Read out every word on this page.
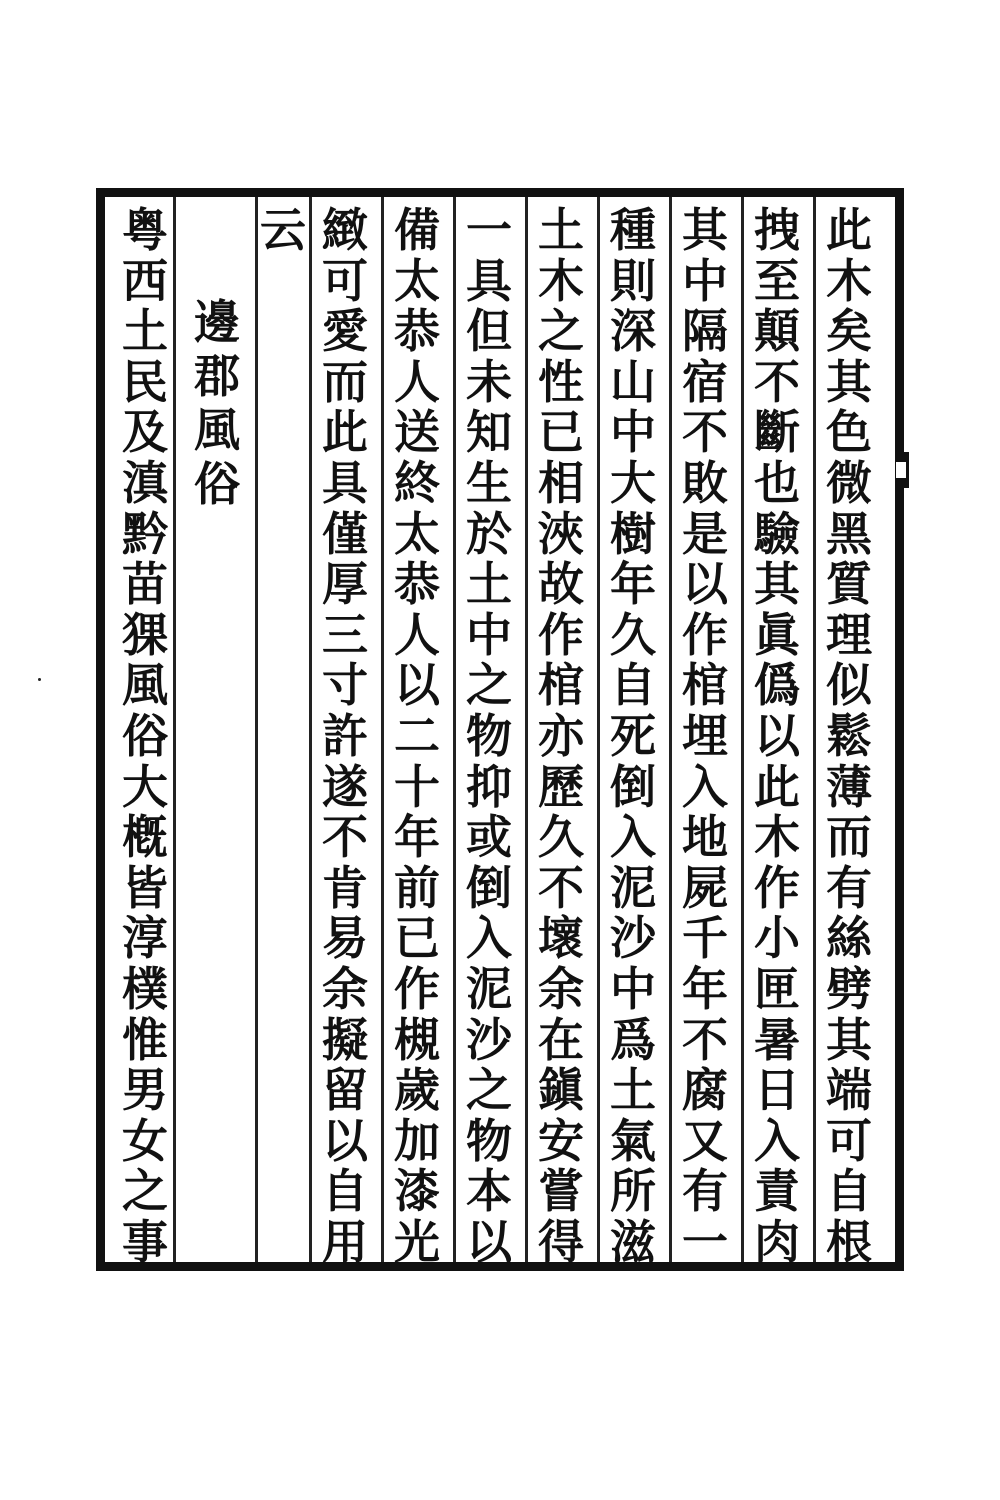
此
木
矣
其
色
微
黑
質
理
似
鬆
薄
而
有
絲
劈
其
端
可
自
根
拽
至
顛
不
斷
也
驗
其
眞
僞
以
此
木
作
小
匣
暑
日
入
責
肉
其
中
隔
宿
不
敗
是
以
作
棺
埋
入
地
屍
千
年
不
腐
又
有
一
種
則
深
山
中
大
樹
年
久
自
死
倒
入
泥
沙
中
爲
土
氣
所
滋
土
木
之
性
已
相
浹
故
作
棺
亦
歷
久
不
壞
余
在
鎭
安
嘗
得
一
具
但
未
知
生
於
土
中
之
物
抑
或
倒
入
泥
沙
之
物
本
以
備
太
恭
人
送
終
太
恭
人
以
二
十
年
前
已
作
槻
歲
加
漆
光
緻
可
愛
而
此
具
僅
厚
三
寸
許
遂
不
肯
易
余
擬
留
以
自
用
云
粤
西
土
民
及
滇
黔
苗
猓
風
俗
大
槪
皆
淳
樸
惟
男
女
之
事
邊
郡
風
俗
